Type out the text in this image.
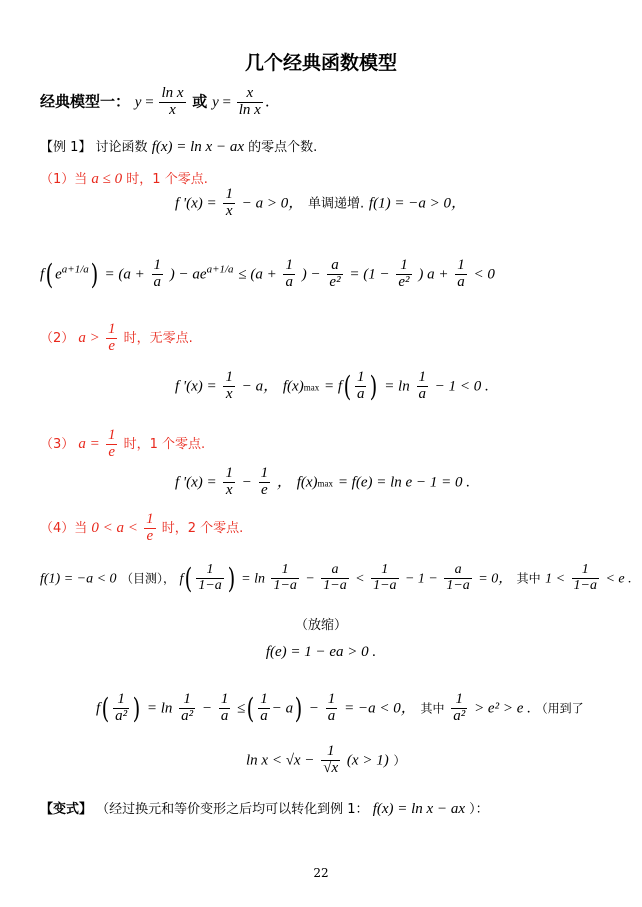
几个经典函数模型
经典模型一： $y = \frac{\text{ln x}}{x}$ 或 $y = \frac{x}{\text{ln x}}$ .
【例 1】 讨论函数 f(x) = ln x − ax 的零点个数.
（1）当 a ≤ 0 时，1 个零点.
f '$(x) = \frac{1}{x} - a > 0$， 单调递增. f(1) = −a > 0，
f( $e^{a+1/a}) = (a + \frac{1}{a}$ ) − $ae^{a+1/a} \le (a + \frac{1}{a}$ ) − $\frac{a}{\text{e²}} = (1 - \frac{1}{\text{e²}}$ ) $a + \frac{1}{a} < 0$
（2） $a > \frac{1}{e}$ 时，无零点.
f '$(x) = \frac{1}{x} - a$， $f(x)\max = f( \frac{1}{a}$ ) = $\ln \frac{1}{a} - 1 < 0$ .
（3） $a = \frac{1}{e}$ 时，1 个零点.
f '$(x) = \frac{1}{x} - \frac{1}{e}$ ， f(x)max = f(e) = ln e − 1 = 0 .
（4）当 $0 < a < \frac{1}{e}$ 时，2 个零点.
f(1) = −a < 0 （目测）， $f( \frac{1}{1-a}$ ) = $\ln \frac{1}{1-a} - \frac{a}{1-a} < \frac{1}{1-a} - 1 - \frac{a}{1-a} = 0$， 其中 $1 < \frac{1}{1-a} < e$ .
（放缩）
f(e) = 1 − ea > 0 .
$f( \frac{1}{\text{a²}}$ ) = $\ln \frac{1}{\text{a²}} - \frac{1}{a}$ ≤( $\frac{1}{a} - a) - \frac{1}{a} = -a < 0$， 其中 $\frac{1}{\text{a²}} > e^2 > e$ . （用到了
$\ln x < √x - \frac{1}{√x} (x > 1)$ ）
【变式】 （经过换元和等价变形之后均可以转化到例 1： f(x) = ln x − ax ）：
22
